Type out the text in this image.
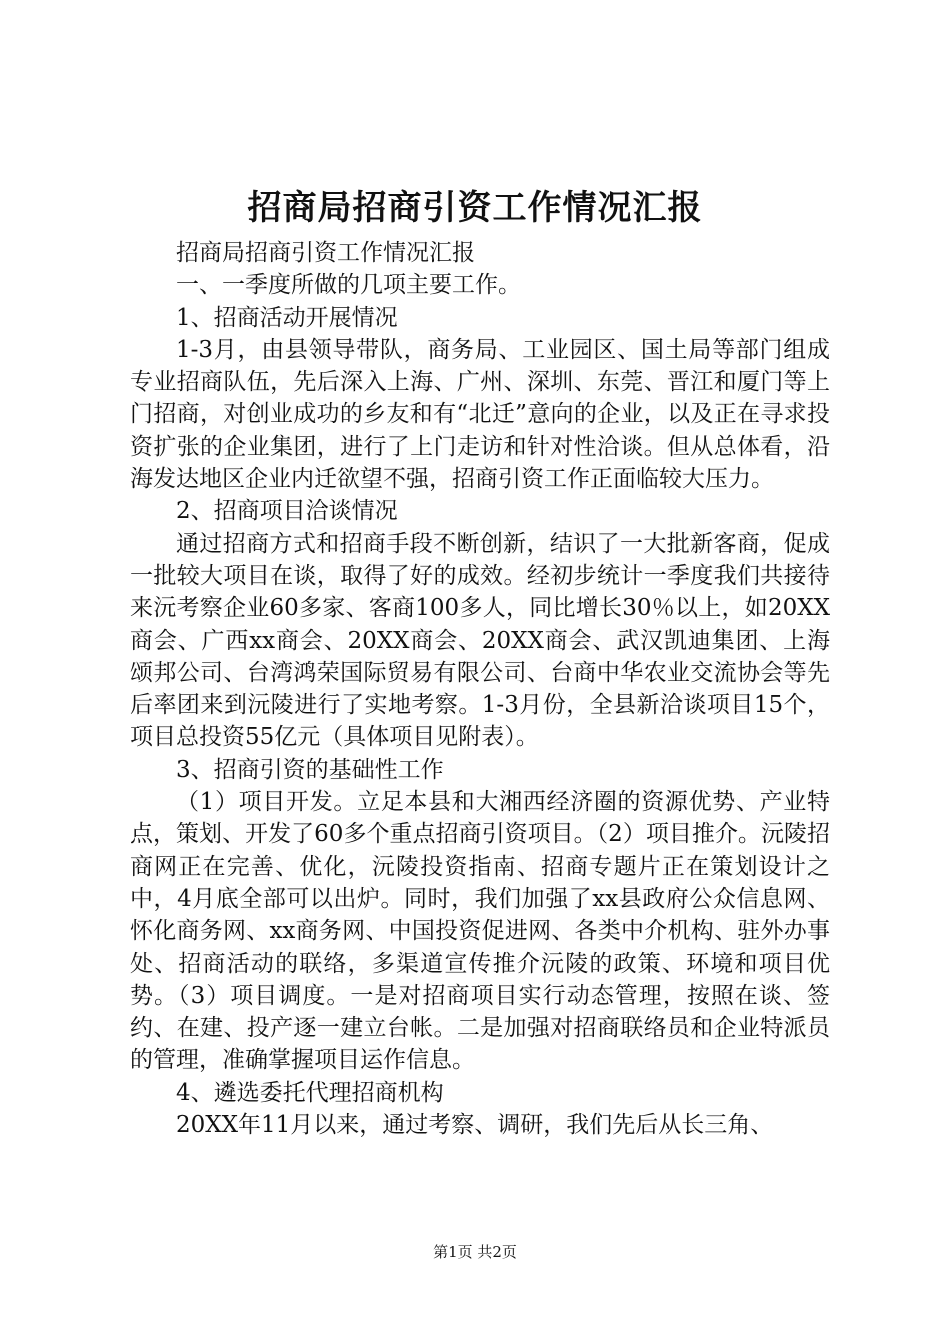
招商局招商引资工作情况汇报

招商局招商引资工作情况汇报

一、一季度所做的几项主要工作。

1、招商活动开展情况

1-3月，由县领导带队，商务局、工业园区、国土局等部门组成专业招商队伍，先后深入上海、广州、深圳、东莞、晋江和厦门等上门招商，对创业成功的乡友和有“北迁”意向的企业，以及正在寻求投资扩张的企业集团，进行了上门走访和针对性洽谈。但从总体看，沿海发达地区企业内迁欲望不强，招商引资工作正面临较大压力。

2、招商项目洽谈情况

通过招商方式和招商手段不断创新，结识了一大批新客商，促成一批较大项目在谈，取得了好的成效。经初步统计一季度我们共接待来沅考察企业60多家、客商100多人，同比增长30％以上，如20XX商会、广西xx商会、20XX商会、20XX商会、武汉凯迪集团、上海颂邦公司、台湾鸿荣国际贸易有限公司、台商中华农业交流协会等先后率团来到沅陵进行了实地考察。1-3月份，全县新洽谈项目15个，项目总投资55亿元（具体项目见附表）。

3、招商引资的基础性工作

（1）项目开发。立足本县和大湘西经济圈的资源优势、产业特点，策划、开发了60多个重点招商引资项目。（2）项目推介。沅陵招商网正在完善、优化，沅陵投资指南、招商专题片正在策划设计之中，4月底全部可以出炉。同时，我们加强了xx县政府公众信息网、怀化商务网、xx商务网、中国投资促进网、各类中介机构、驻外办事处、招商活动的联络，多渠道宣传推介沅陵的政策、环境和项目优势。（3）项目调度。一是对招商项目实行动态管理，按照在谈、签约、在建、投产逐一建立台帐。二是加强对招商联络员和企业特派员的管理，准确掌握项目运作信息。

4、遴选委托代理招商机构

20XX年11月以来，通过考察、调研，我们先后从长三角、

第1页 共2页
